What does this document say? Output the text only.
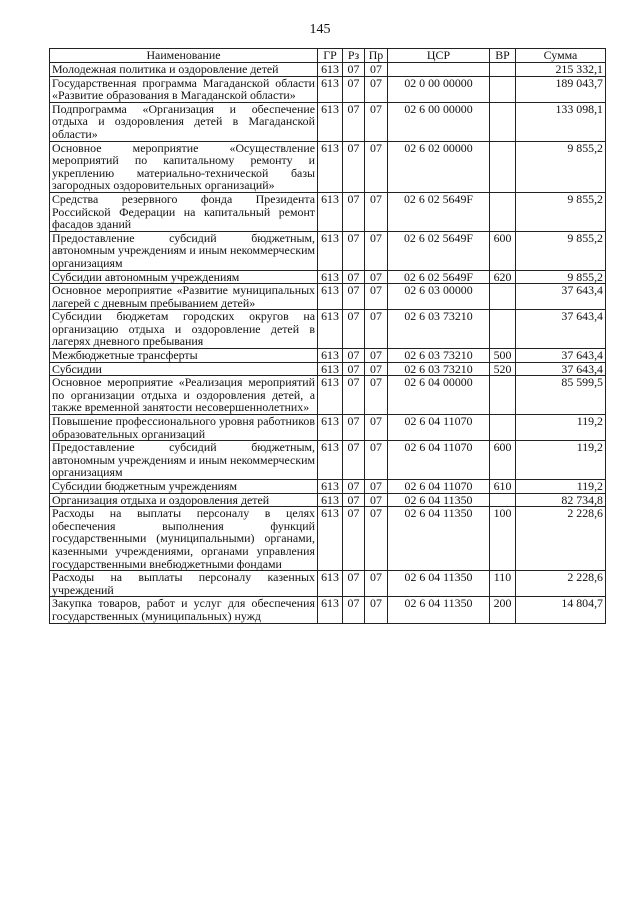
145
Наименование	ГР	Рз	Пр	ЦСР	ВР	Сумма
Молодежная политика и оздоровление детей	613	07	07			215 332,1
Государственная программа Магаданской области «Развитие образования в Магаданской области»	613	07	07	02 0 00 00000		189 043,7
Подпрограмма «Организация и обеспечение отдыха и оздоровления детей в Магаданской области»	613	07	07	02 6 00 00000		133 098,1
Основное мероприятие «Осуществление мероприятий по капитальному ремонту и укреплению материально-технической базы загородных оздоровительных организаций»	613	07	07	02 6 02 00000		9 855,2
Средства резервного фонда Президента Российской Федерации на капитальный ремонт фасадов зданий	613	07	07	02 6 02 5649F		9 855,2
Предоставление субсидий бюджетным, автономным учреждениям и иным некоммерческим организациям	613	07	07	02 6 02 5649F	600	9 855,2
Субсидии автономным учреждениям	613	07	07	02 6 02 5649F	620	9 855,2
Основное мероприятие «Развитие муниципальных лагерей с дневным пребыванием детей»	613	07	07	02 6 03 00000		37 643,4
Субсидии бюджетам городских округов на организацию отдыха и оздоровление детей в лагерях дневного пребывания	613	07	07	02 6 03 73210		37 643,4
Межбюджетные трансферты	613	07	07	02 6 03 73210	500	37 643,4
Субсидии	613	07	07	02 6 03 73210	520	37 643,4
Основное мероприятие «Реализация мероприятий по организации отдыха и оздоровления детей, а также временной занятости несовершеннолетних»	613	07	07	02 6 04 00000		85 599,5
Повышение профессионального уровня работников образовательных организаций	613	07	07	02 6 04 11070		119,2
Предоставление субсидий бюджетным, автономным учреждениям и иным некоммерческим организациям	613	07	07	02 6 04 11070	600	119,2
Субсидии бюджетным учреждениям	613	07	07	02 6 04 11070	610	119,2
Организация отдыха и оздоровления детей	613	07	07	02 6 04 11350		82 734,8
Расходы на выплаты персоналу в целях обеспечения выполнения функций государственными (муниципальными) органами, казенными учреждениями, органами управления государственными внебюджетными фондами	613	07	07	02 6 04 11350	100	2 228,6
Расходы на выплаты персоналу казенных учреждений	613	07	07	02 6 04 11350	110	2 228,6
Закупка товаров, работ и услуг для обеспечения государственных (муниципальных) нужд	613	07	07	02 6 04 11350	200	14 804,7
